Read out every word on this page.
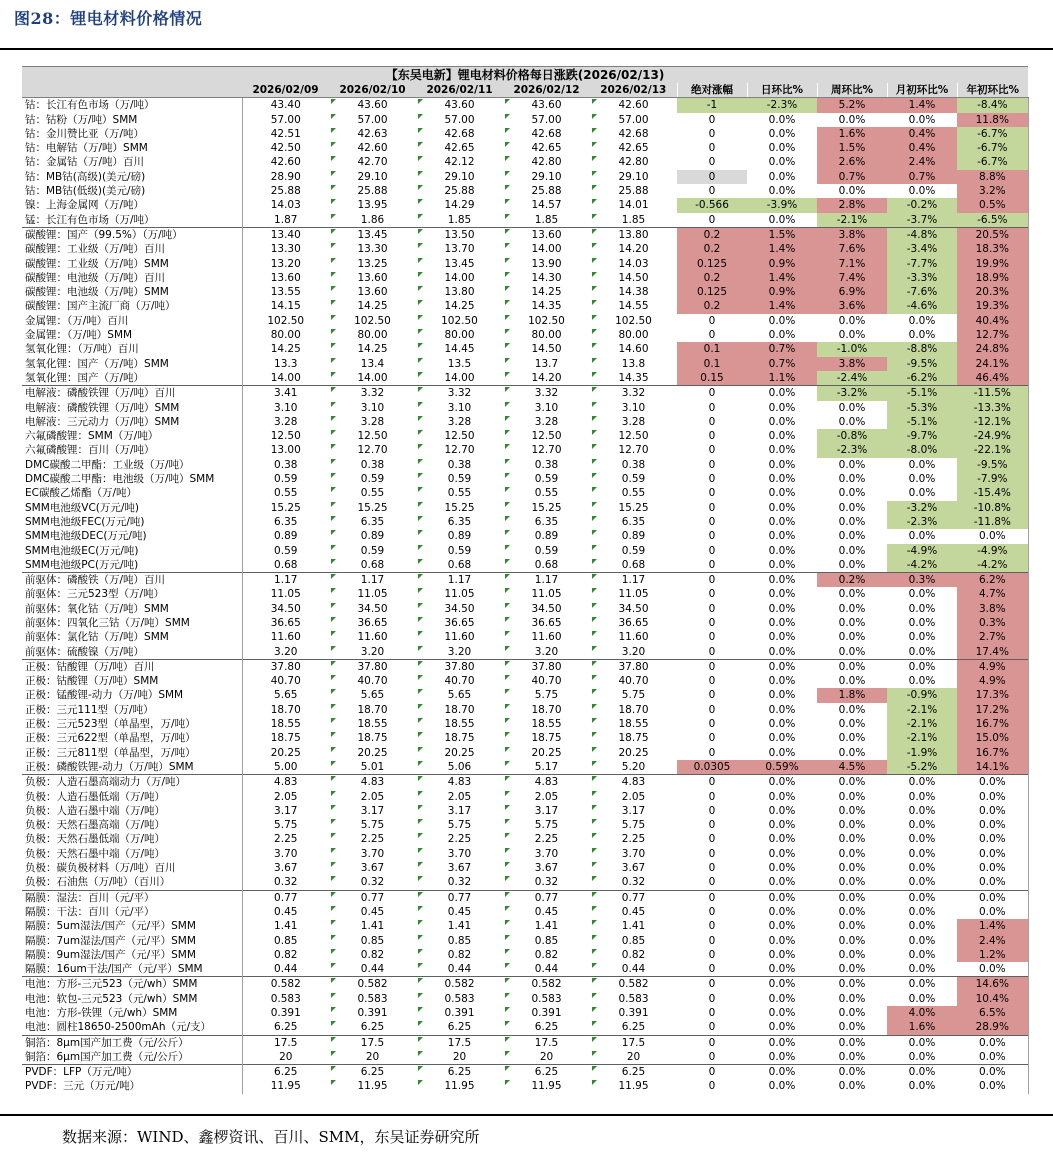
图28：锂电材料价格情况
【东吴电新】锂电材料价格每日涨跌(2026/02/13)										
	2026/02/09	2026/02/10	2026/02/11	2026/02/12	2026/02/13	绝对涨幅	日环比%	周环比%	月初环比%	年初环比%
钴：长江有色市场（万/吨）	43.40	43.60	43.60	43.60	42.60	-1	-2.3%	5.2%	1.4%	-8.4%
钴：钴粉（万/吨）SMM	57.00	57.00	57.00	57.00	57.00	0	0.0%	0.0%	0.0%	11.8%
钴：金川赞比亚（万/吨）	42.51	42.63	42.68	42.68	42.68	0	0.0%	1.6%	0.4%	-6.7%
钴：电解钴（万/吨）SMM	42.50	42.60	42.65	42.65	42.65	0	0.0%	1.5%	0.4%	-6.7%
钴：金属钴（万/吨）百川	42.60	42.70	42.12	42.80	42.80	0	0.0%	2.6%	2.4%	-6.7%
钴：MB钴(高级)(美元/磅)	28.90	29.10	29.10	29.10	29.10	0	0.0%	0.7%	0.7%	8.8%
钴：MB钴(低级)(美元/磅)	25.88	25.88	25.88	25.88	25.88	0	0.0%	0.0%	0.0%	3.2%
镍：上海金属网（万/吨）	14.03	13.95	14.29	14.57	14.01	-0.566	-3.9%	2.8%	-0.2%	0.5%
锰：长江有色市场（万/吨）	1.87	1.86	1.85	1.85	1.85	0	0.0%	-2.1%	-3.7%	-6.5%
碳酸锂：国产（99.5%）（万/吨）	13.40	13.45	13.50	13.60	13.80	0.2	1.5%	3.8%	-4.8%	20.5%
碳酸锂：工业级（万/吨）百川	13.30	13.30	13.70	14.00	14.20	0.2	1.4%	7.6%	-3.4%	18.3%
碳酸锂：工业级（万/吨）SMM	13.20	13.25	13.45	13.90	14.03	0.125	0.9%	7.1%	-7.7%	19.9%
碳酸锂：电池级（万/吨）百川	13.60	13.60	14.00	14.30	14.50	0.2	1.4%	7.4%	-3.3%	18.9%
碳酸锂：电池级（万/吨）SMM	13.55	13.60	13.80	14.25	14.38	0.125	0.9%	6.9%	-7.6%	20.3%
碳酸锂：国产主流厂商（万/吨）	14.15	14.25	14.25	14.35	14.55	0.2	1.4%	3.6%	-4.6%	19.3%
金属锂：（万/吨）百川	102.50	102.50	102.50	102.50	102.50	0	0.0%	0.0%	0.0%	40.4%
金属锂：（万/吨）SMM	80.00	80.00	80.00	80.00	80.00	0	0.0%	0.0%	0.0%	12.7%
氢氧化锂：（万/吨）百川	14.25	14.25	14.45	14.50	14.60	0.1	0.7%	-1.0%	-8.8%	24.8%
氢氧化锂：国产（万/吨）SMM	13.3	13.4	13.5	13.7	13.8	0.1	0.7%	3.8%	-9.5%	24.1%
氢氧化锂：国产（万/吨）	14.00	14.00	14.00	14.20	14.35	0.15	1.1%	-2.4%	-6.2%	46.4%
电解液：磷酸铁锂（万/吨）百川	3.41	3.32	3.32	3.32	3.32	0	0.0%	-3.2%	-5.1%	-11.5%
电解液：磷酸铁锂（万/吨）SMM	3.10	3.10	3.10	3.10	3.10	0	0.0%	0.0%	-5.3%	-13.3%
电解液：三元动力（万/吨）SMM	3.28	3.28	3.28	3.28	3.28	0	0.0%	0.0%	-5.1%	-12.1%
六氟磷酸锂：SMM（万/吨）	12.50	12.50	12.50	12.50	12.50	0	0.0%	-0.8%	-9.7%	-24.9%
六氟磷酸锂：百川（万/吨）	13.00	12.70	12.70	12.70	12.70	0	0.0%	-2.3%	-8.0%	-22.1%
DMC碳酸二甲酯：工业级（万/吨）	0.38	0.38	0.38	0.38	0.38	0	0.0%	0.0%	0.0%	-9.5%
DMC碳酸二甲酯：电池级（万/吨）SMM	0.59	0.59	0.59	0.59	0.59	0	0.0%	0.0%	0.0%	-7.9%
EC碳酸乙烯酯（万/吨）	0.55	0.55	0.55	0.55	0.55	0	0.0%	0.0%	0.0%	-15.4%
SMM电池级VC(万元/吨)	15.25	15.25	15.25	15.25	15.25	0	0.0%	0.0%	-3.2%	-10.8%
SMM电池级FEC(万元/吨)	6.35	6.35	6.35	6.35	6.35	0	0.0%	0.0%	-2.3%	-11.8%
SMM电池级DEC(万元/吨)	0.89	0.89	0.89	0.89	0.89	0	0.0%	0.0%	0.0%	0.0%
SMM电池级EC(万元/吨)	0.59	0.59	0.59	0.59	0.59	0	0.0%	0.0%	-4.9%	-4.9%
SMM电池级PC(万元/吨)	0.68	0.68	0.68	0.68	0.68	0	0.0%	0.0%	-4.2%	-4.2%
前驱体：磷酸铁（万/吨）百川	1.17	1.17	1.17	1.17	1.17	0	0.0%	0.2%	0.3%	6.2%
前驱体：三元523型（万/吨）	11.05	11.05	11.05	11.05	11.05	0	0.0%	0.0%	0.0%	4.7%
前驱体：氧化钴（万/吨）SMM	34.50	34.50	34.50	34.50	34.50	0	0.0%	0.0%	0.0%	3.8%
前驱体：四氧化三钴（万/吨）SMM	36.65	36.65	36.65	36.65	36.65	0	0.0%	0.0%	0.0%	0.3%
前驱体：氯化钴（万/吨）SMM	11.60	11.60	11.60	11.60	11.60	0	0.0%	0.0%	0.0%	2.7%
前驱体：硫酸镍（万/吨）	3.20	3.20	3.20	3.20	3.20	0	0.0%	0.0%	0.0%	17.4%
正极：钴酸锂（万/吨）百川	37.80	37.80	37.80	37.80	37.80	0	0.0%	0.0%	0.0%	4.9%
正极：钴酸锂（万/吨）SMM	40.70	40.70	40.70	40.70	40.70	0	0.0%	0.0%	0.0%	4.9%
正极：锰酸锂-动力（万/吨）SMM	5.65	5.65	5.65	5.75	5.75	0	0.0%	1.8%	-0.9%	17.3%
正极：三元111型（万/吨）	18.70	18.70	18.70	18.70	18.70	0	0.0%	0.0%	-2.1%	17.2%
正极：三元523型（单晶型，万/吨）	18.55	18.55	18.55	18.55	18.55	0	0.0%	0.0%	-2.1%	16.7%
正极：三元622型（单晶型，万/吨）	18.75	18.75	18.75	18.75	18.75	0	0.0%	0.0%	-2.1%	15.0%
正极：三元811型（单晶型，万/吨）	20.25	20.25	20.25	20.25	20.25	0	0.0%	0.0%	-1.9%	16.7%
正极：磷酸铁锂-动力（万/吨）SMM	5.00	5.01	5.06	5.17	5.20	0.0305	0.59%	4.5%	-5.2%	14.1%
负极：人造石墨高端动力（万/吨）	4.83	4.83	4.83	4.83	4.83	0	0.0%	0.0%	0.0%	0.0%
负极：人造石墨低端（万/吨）	2.05	2.05	2.05	2.05	2.05	0	0.0%	0.0%	0.0%	0.0%
负极：人造石墨中端（万/吨）	3.17	3.17	3.17	3.17	3.17	0	0.0%	0.0%	0.0%	0.0%
负极：天然石墨高端（万/吨）	5.75	5.75	5.75	5.75	5.75	0	0.0%	0.0%	0.0%	0.0%
负极：天然石墨低端（万/吨）	2.25	2.25	2.25	2.25	2.25	0	0.0%	0.0%	0.0%	0.0%
负极：天然石墨中端（万/吨）	3.70	3.70	3.70	3.70	3.70	0	0.0%	0.0%	0.0%	0.0%
负极：碳负极材料（万/吨）百川	3.67	3.67	3.67	3.67	3.67	0	0.0%	0.0%	0.0%	0.0%
负极：石油焦（万/吨）（百川）	0.32	0.32	0.32	0.32	0.32	0	0.0%	0.0%	0.0%	0.0%
隔膜：湿法：百川（元/平）	0.77	0.77	0.77	0.77	0.77	0	0.0%	0.0%	0.0%	0.0%
隔膜：干法：百川（元/平）	0.45	0.45	0.45	0.45	0.45	0	0.0%	0.0%	0.0%	0.0%
隔膜：5um湿法/国产（元/平）SMM	1.41	1.41	1.41	1.41	1.41	0	0.0%	0.0%	0.0%	1.4%
隔膜：7um湿法/国产（元/平）SMM	0.85	0.85	0.85	0.85	0.85	0	0.0%	0.0%	0.0%	2.4%
隔膜：9um湿法/国产（元/平）SMM	0.82	0.82	0.82	0.82	0.82	0	0.0%	0.0%	0.0%	1.2%
隔膜：16um干法/国产（元/平）SMM	0.44	0.44	0.44	0.44	0.44	0	0.0%	0.0%	0.0%	0.0%
电池：方形-三元523（元/wh）SMM	0.582	0.582	0.582	0.582	0.582	0	0.0%	0.0%	0.0%	14.6%
电池：软包-三元523（元/wh）SMM	0.583	0.583	0.583	0.583	0.583	0	0.0%	0.0%	0.0%	10.4%
电池：方形-铁锂（元/wh）SMM	0.391	0.391	0.391	0.391	0.391	0	0.0%	0.0%	4.0%	6.5%
电池：圆柱18650-2500mAh（元/支）	6.25	6.25	6.25	6.25	6.25	0	0.0%	0.0%	1.6%	28.9%
铜箔：8μm国产加工费（元/公斤）	17.5	17.5	17.5	17.5	17.5	0	0.0%	0.0%	0.0%	0.0%
铜箔：6μm国产加工费（元/公斤）	20	20	20	20	20	0	0.0%	0.0%	0.0%	0.0%
PVDF：LFP（万元/吨）	6.25	6.25	6.25	6.25	6.25	0	0.0%	0.0%	0.0%	0.0%
PVDF：三元（万元/吨）	11.95	11.95	11.95	11.95	11.95	0	0.0%	0.0%	0.0%	0.0%
数据来源：WIND、鑫椤资讯、百川、SMM，东吴证券研究所
